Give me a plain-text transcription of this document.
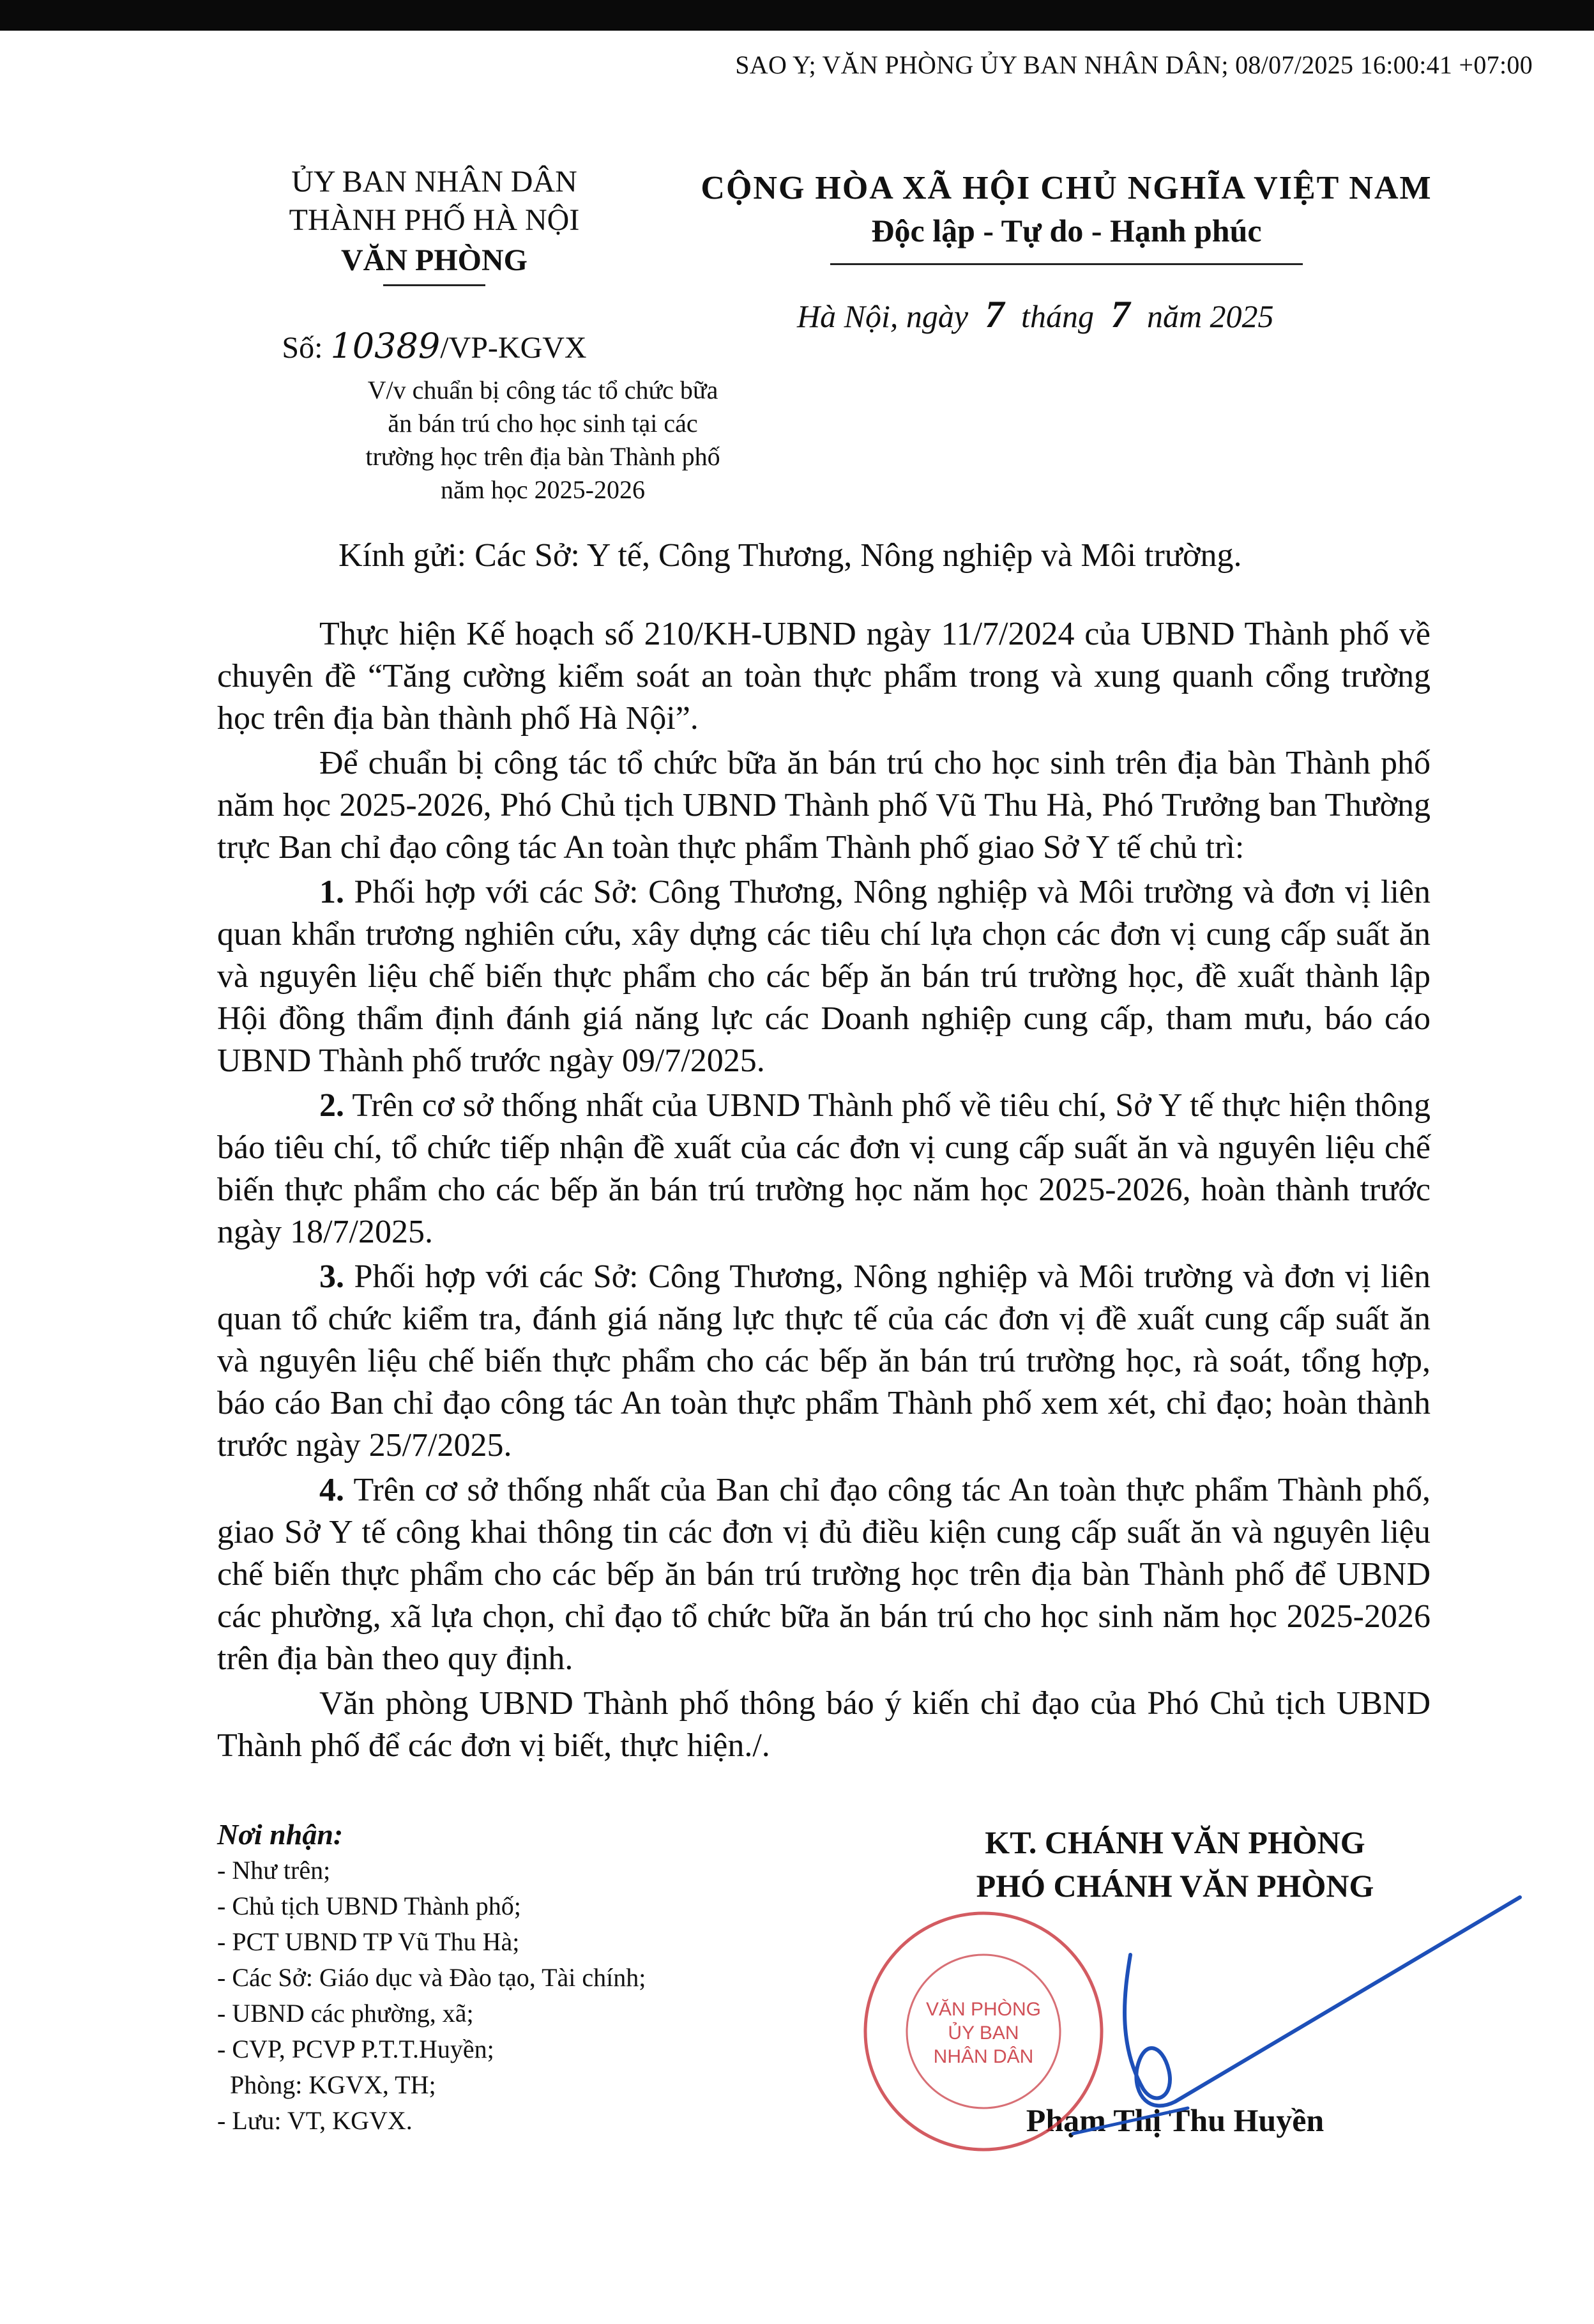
SAO Y; VĂN PHÒNG ỦY BAN NHÂN DÂN; 08/07/2025 16:00:41 +07:00
ỦY BAN NHÂN DÂN
THÀNH PHỐ HÀ NỘI
VĂN PHÒNG
CỘNG HÒA XÃ HỘI CHỦ NGHĨA VIỆT NAM
Độc lập - Tự do - Hạnh phúc
Số: 10389/VP-KGVX
Hà Nội, ngày 7 tháng 7 năm 2025
V/v chuẩn bị công tác tổ chức bữa ăn bán trú cho học sinh tại các trường học trên địa bàn Thành phố năm học 2025-2026
Kính gửi: Các Sở: Y tế, Công Thương, Nông nghiệp và Môi trường.

Thực hiện Kế hoạch số 210/KH-UBND ngày 11/7/2024 của UBND Thành phố về chuyên đề “Tăng cường kiểm soát an toàn thực phẩm trong và xung quanh cổng trường học trên địa bàn thành phố Hà Nội”.

Để chuẩn bị công tác tổ chức bữa ăn bán trú cho học sinh trên địa bàn Thành phố năm học 2025-2026, Phó Chủ tịch UBND Thành phố Vũ Thu Hà, Phó Trưởng ban Thường trực Ban chỉ đạo công tác An toàn thực phẩm Thành phố giao Sở Y tế chủ trì:

1. Phối hợp với các Sở: Công Thương, Nông nghiệp và Môi trường và đơn vị liên quan khẩn trương nghiên cứu, xây dựng các tiêu chí lựa chọn các đơn vị cung cấp suất ăn và nguyên liệu chế biến thực phẩm cho các bếp ăn bán trú trường học, đề xuất thành lập Hội đồng thẩm định đánh giá năng lực các Doanh nghiệp cung cấp, tham mưu, báo cáo UBND Thành phố trước ngày 09/7/2025.

2. Trên cơ sở thống nhất của UBND Thành phố về tiêu chí, Sở Y tế thực hiện thông báo tiêu chí, tổ chức tiếp nhận đề xuất của các đơn vị cung cấp suất ăn và nguyên liệu chế biến thực phẩm cho các bếp ăn bán trú trường học năm học 2025-2026, hoàn thành trước ngày 18/7/2025.

3. Phối hợp với các Sở: Công Thương, Nông nghiệp và Môi trường và đơn vị liên quan tổ chức kiểm tra, đánh giá năng lực thực tế của các đơn vị đề xuất cung cấp suất ăn và nguyên liệu chế biến thực phẩm cho các bếp ăn bán trú trường học, rà soát, tổng hợp, báo cáo Ban chỉ đạo công tác An toàn thực phẩm Thành phố xem xét, chỉ đạo; hoàn thành trước ngày 25/7/2025.

4. Trên cơ sở thống nhất của Ban chỉ đạo công tác An toàn thực phẩm Thành phố, giao Sở Y tế công khai thông tin các đơn vị đủ điều kiện cung cấp suất ăn và nguyên liệu chế biến thực phẩm cho các bếp ăn bán trú trường học trên địa bàn Thành phố để UBND các phường, xã lựa chọn, chỉ đạo tổ chức bữa ăn bán trú cho học sinh năm học 2025-2026 trên địa bàn theo quy định.

Văn phòng UBND Thành phố thông báo ý kiến chỉ đạo của Phó Chủ tịch UBND Thành phố để các đơn vị biết, thực hiện./.

Nơi nhận:
- Như trên;
- Chủ tịch UBND Thành phố;
- PCT UBND TP Vũ Thu Hà;
- Các Sở: Giáo dục và Đào tạo, Tài chính;
- UBND các phường, xã;
- CVP, PCVP P.T.T.Huyền;
Phòng: KGVX, TH;
- Lưu: VT, KGVX.
KT. CHÁNH VĂN PHÒNG
PHÓ CHÁNH VĂN PHÒNG
Phạm Thị Thu Huyền
VĂN PHÒNG
ỦY BAN
NHÂN DÂN
